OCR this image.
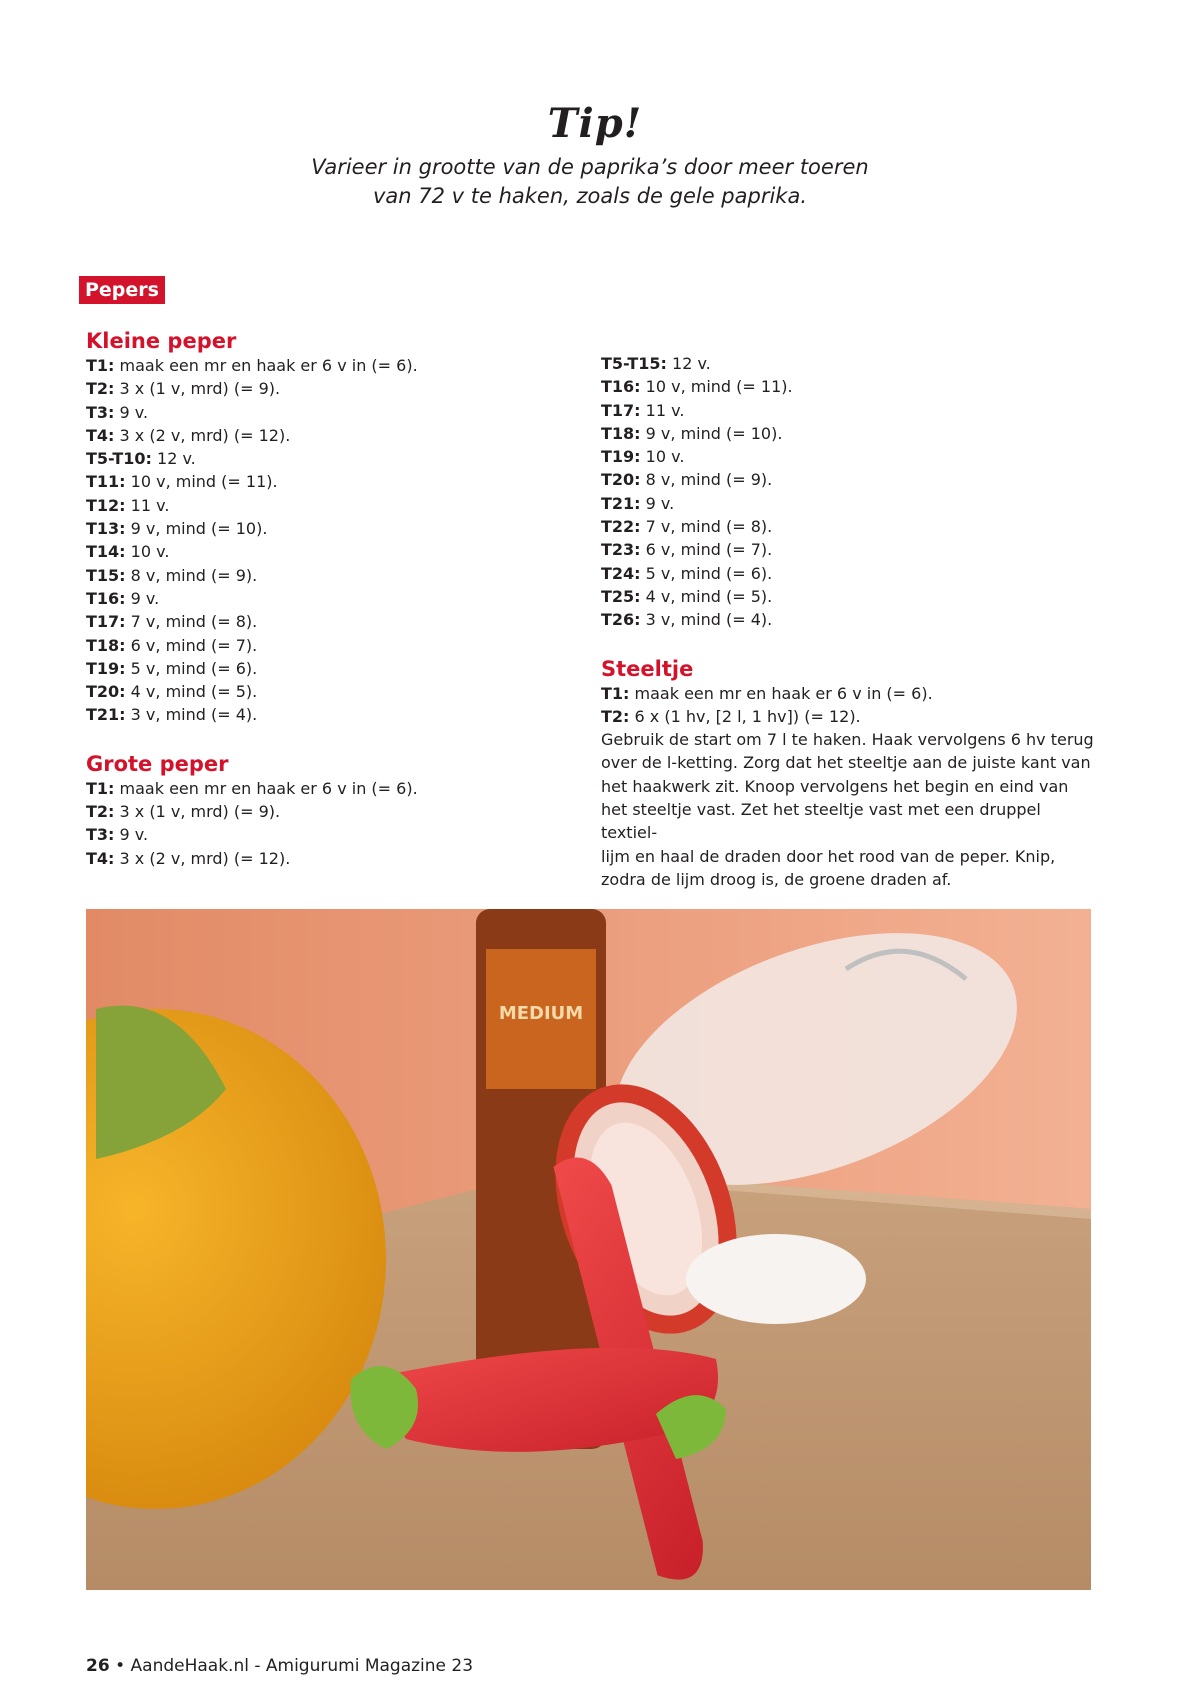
Tip!
Varieer in grootte van de paprika’s door meer toeren
van 72 v te haken, zoals de gele paprika.
Pepers
Kleine peper
T1: maak een mr en haak er 6 v in (= 6).
T2: 3 x (1 v, mrd) (= 9).
T3: 9 v.
T4: 3 x (2 v, mrd) (= 12).
T5-T10: 12 v.
T11: 10 v, mind (= 11).
T12: 11 v.
T13: 9 v, mind (= 10).
T14: 10 v.
T15: 8 v, mind (= 9).
T16: 9 v.
T17: 7 v, mind (= 8).
T18: 6 v, mind (= 7).
T19: 5 v, mind (= 6).
T20: 4 v, mind (= 5).
T21: 3 v, mind (= 4).
Grote peper
T1: maak een mr en haak er 6 v in (= 6).
T2: 3 x (1 v, mrd) (= 9).
T3: 9 v.
T4: 3 x (2 v, mrd) (= 12).
T5-T15: 12 v.
T16: 10 v, mind (= 11).
T17: 11 v.
T18: 9 v, mind (= 10).
T19: 10 v.
T20: 8 v, mind (= 9).
T21: 9 v.
T22: 7 v, mind (= 8).
T23: 6 v, mind (= 7).
T24: 5 v, mind (= 6).
T25: 4 v, mind (= 5).
T26: 3 v, mind (= 4).
Steeltje
T1: maak een mr en haak er 6 v in (= 6).
T2: 6 x (1 hv, [2 l, 1 hv]) (= 12).
Gebruik de start om 7 l te haken. Haak vervolgens 6 hv terug
over de l-ketting. Zorg dat het steeltje aan de juiste kant van
het haakwerk zit. Knoop vervolgens het begin en eind van
het steeltje vast. Zet het steeltje vast met een druppel textiel-
lijm en haal de draden door het rood van de peper. Knip,
zodra de lijm droog is, de groene draden af.
MEDIUM
26 • AandeHaak.nl - Amigurumi Magazine 23
